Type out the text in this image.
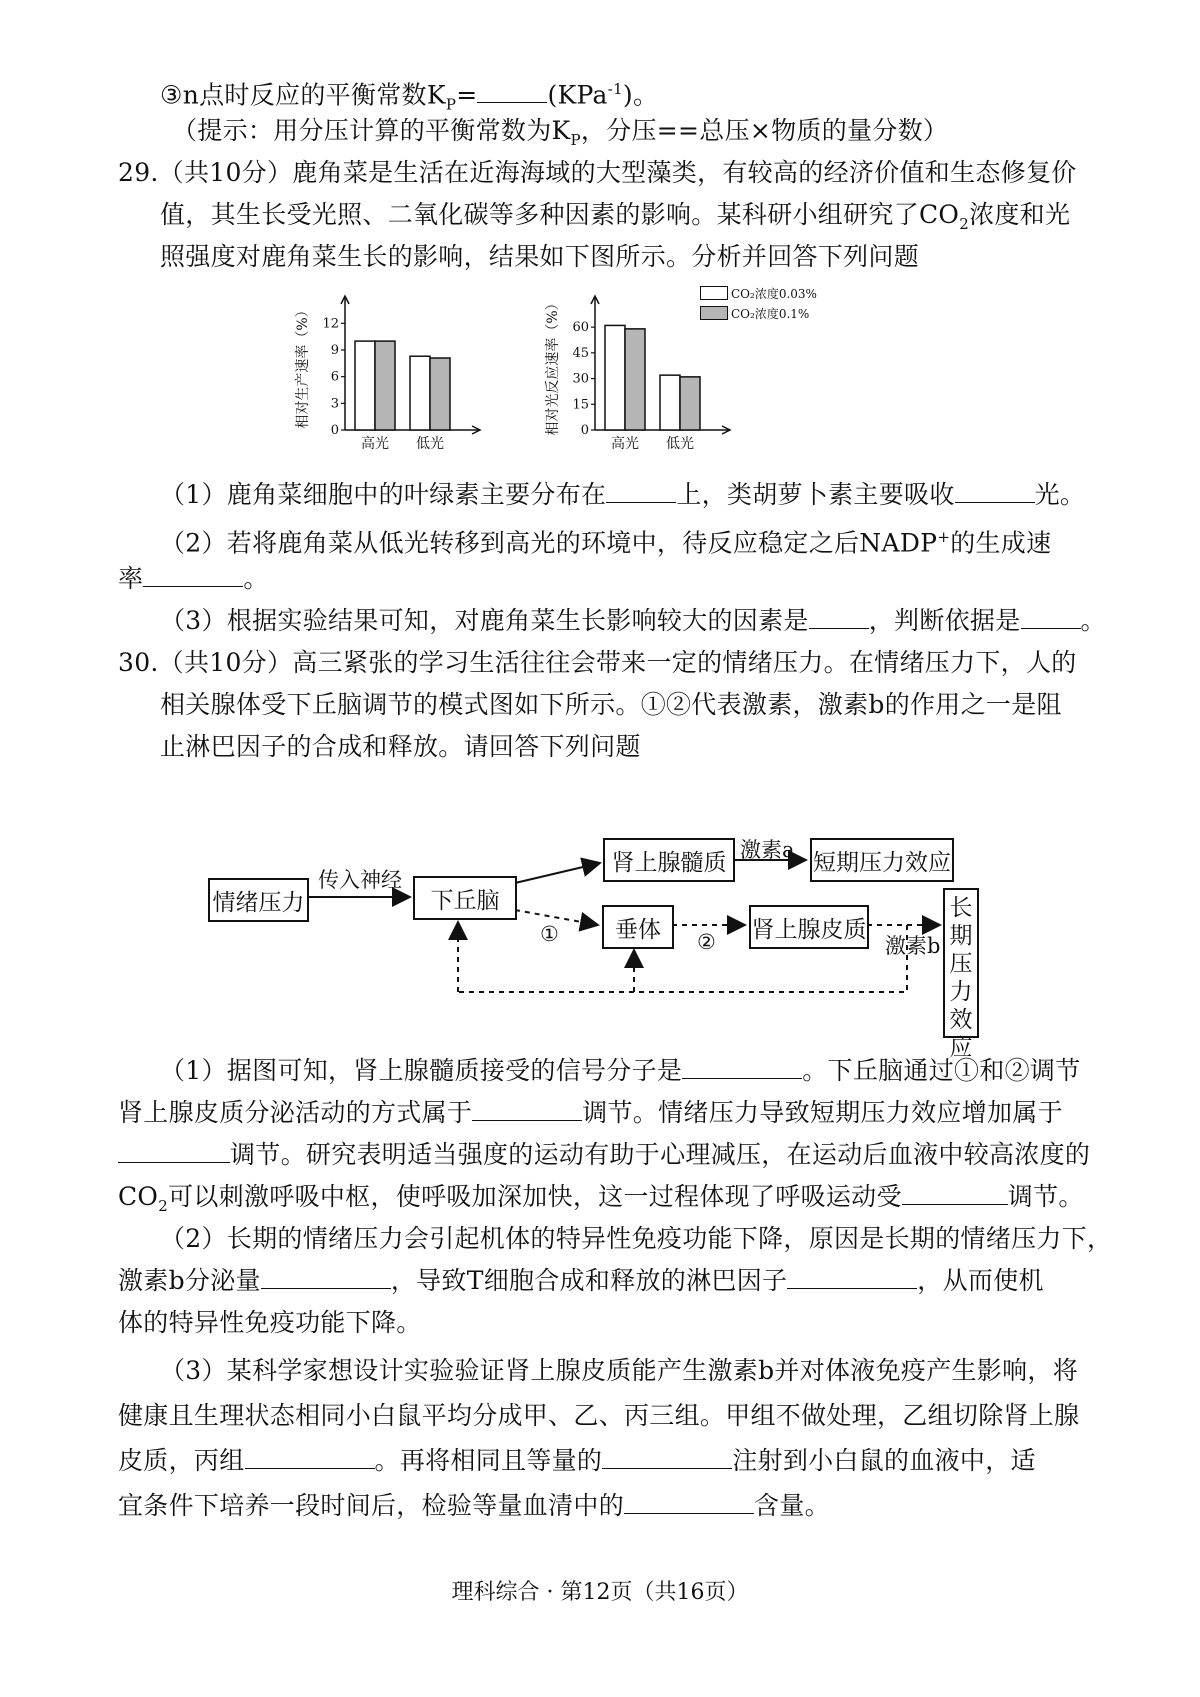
③n点时反应的平衡常数$K_P=$	(KPa$^{-1}$)。
（提示：用分压计算的平衡常数为$K_P$，分压==总压×物质的量分数）
29.（共10分）鹿角菜是生活在近海海域的大型藻类，有较高的经济价值和生态修复价
值，其生长受光照、二氧化碳等多种因素的影响。某科研小组研究了$CO_2$浓度和光
照强度对鹿角菜生长的影响，结果如下图所示。分析并回答下列问题
0
3
6
9
12
相对生产速率（%）
高光 低光
0
15
30
45
60
相对光反应速率（%）
高光 低光
CO₂浓度0.03%
CO₂浓度0.1%
（1）鹿角菜细胞中的叶绿素主要分布在	上，类胡萝卜素主要吸收	光。
（2）若将鹿角菜从低光转移到高光的环境中，待反应稳定之后NADP+的生成速
率	。
（3）根据实验结果可知，对鹿角菜生长影响较大的因素是 ，判断依据是 。
30.（共10分）高三紧张的学习生活往往会带来一定的情绪压力。在情绪压力下，人的
相关腺体受下丘脑调节的模式图如下所示。①②代表激素，激素b的作用之一是阻
止淋巴因子的合成和释放。请回答下列问题
情绪压力
传入神经
下丘脑
肾上腺髓质 激素a 短期压力效应
垂体	肾上腺皮质
激素b
长期压力效应
①	②
（1）据图可知，肾上腺髓质接受的信号分子是	。下丘脑通过①和②调节
肾上腺皮质分泌活动的方式属于	调节。情绪压力导致短期压力效应增加属于
调节。研究表明适当强度的运动有助于心理减压，在运动后血液中较高浓度的
$CO_2$可以刺激呼吸中枢，使呼吸加深加快，这一过程体现了呼吸运动受	调节。
（2）长期的情绪压力会引起机体的特异性免疫功能下降，原因是长期的情绪压力下，
激素b分泌量	，导致T细胞合成和释放的淋巴因子	，从而使机
体的特异性免疫功能下降。
（3）某科学家想设计实验验证肾上腺皮质能产生激素b并对体液免疫产生影响，将
健康且生理状态相同小白鼠平均分成甲、乙、丙三组。甲组不做处理，乙组切除肾上腺
皮质，丙组	。再将相同且等量的	注射到小白鼠的血液中，适
宜条件下培养一段时间后，检验等量血清中的	含量。
理科综合 · 第12页（共16页）
